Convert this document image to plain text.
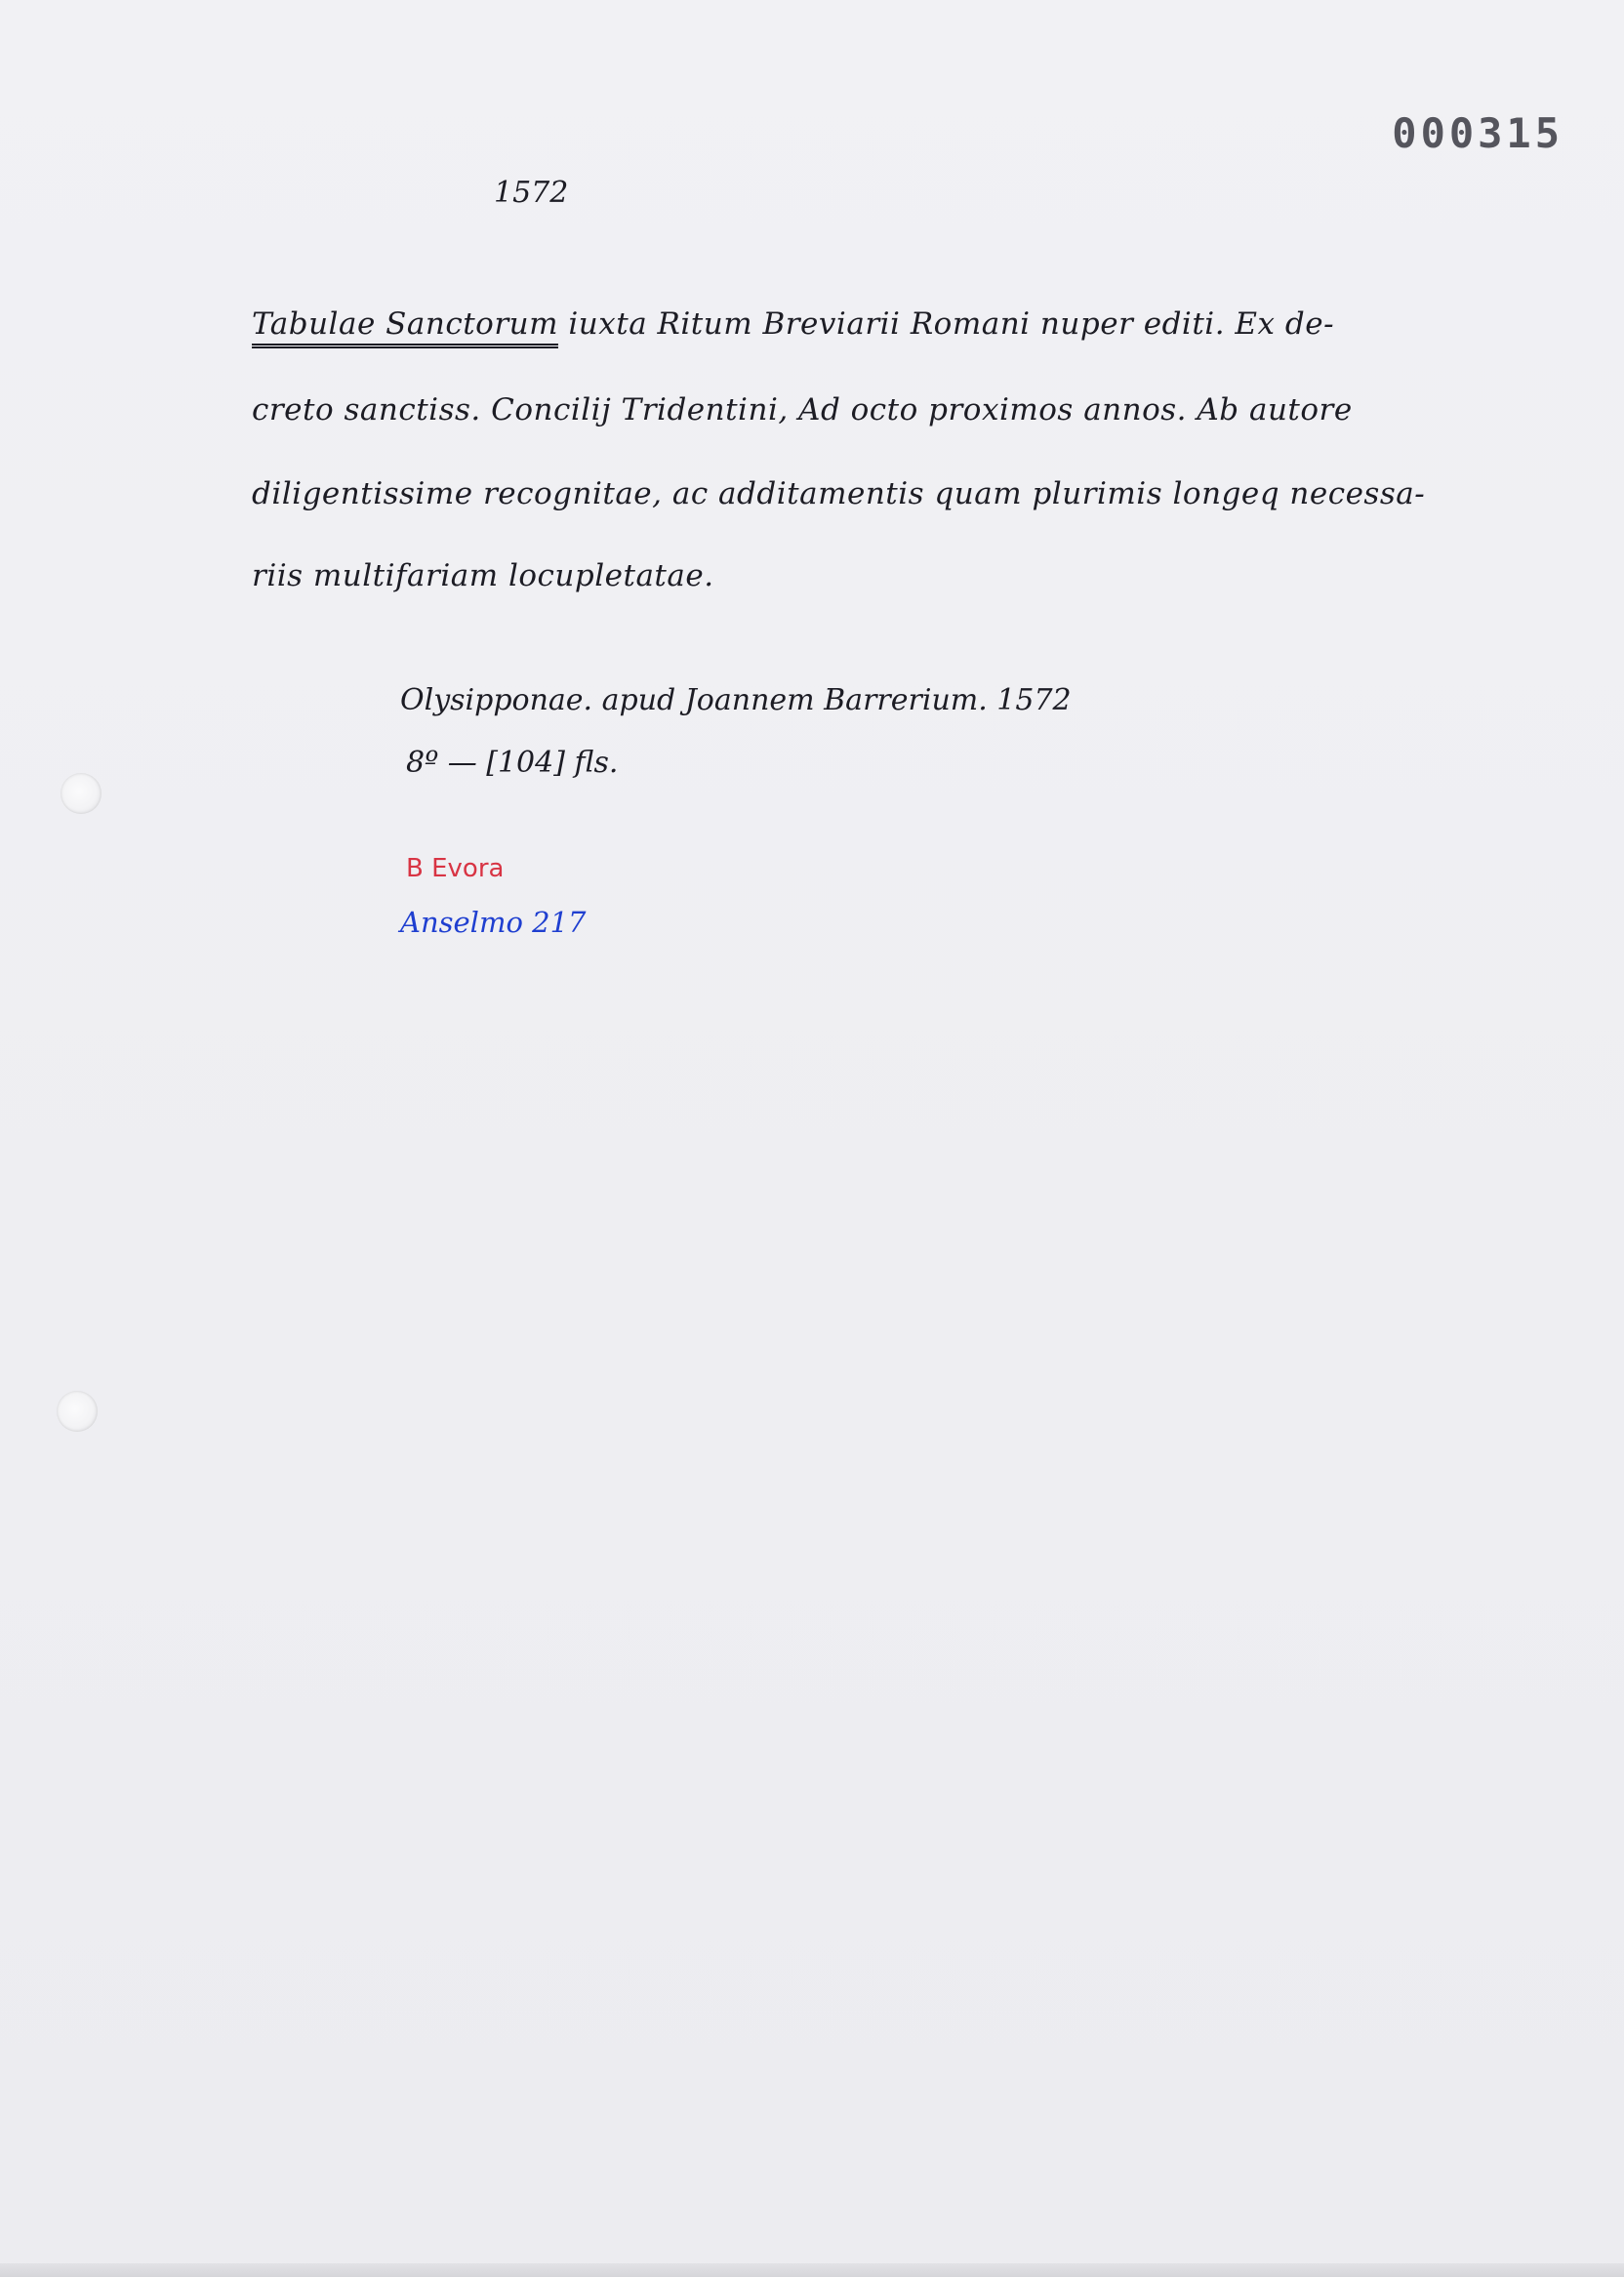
000315
1572
Tabulae Sanctorum iuxta Ritum Breviarii Romani nuper editi. Ex de-
creto sanctiss. Concilij Tridentini, Ad octo proximos annos. Ab autore
diligentissime recognitae, ac additamentis quam plurimis longeq necessa-
riis multifariam locupletatae.
Olysipponae. apud Joannem Barrerium. 1572
8º — [104] fls.
B Evora
Anselmo 217
